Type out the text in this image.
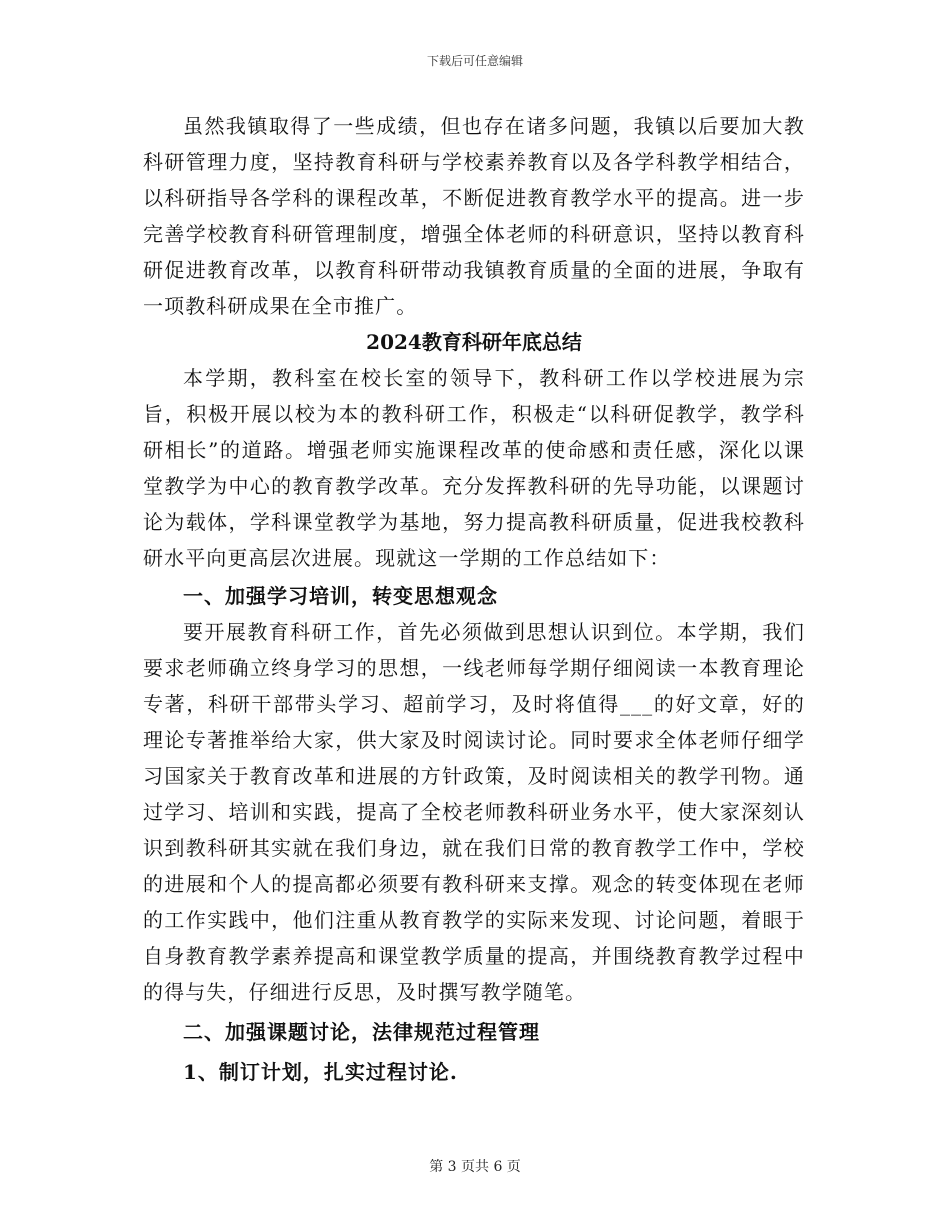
下载后可任意编辑

虽然我镇取得了一些成绩，但也存在诸多问题，我镇以后要加大教科研管理力度，坚持教育科研与学校素养教育以及各学科教学相结合，以科研指导各学科的课程改革，不断促进教育教学水平的提高。进一步完善学校教育科研管理制度，增强全体老师的科研意识，坚持以教育科研促进教育改革，以教育科研带动我镇教育质量的全面的进展，争取有一项教科研成果在全市推广。

2024教育科研年底总结

本学期，教科室在校长室的领导下，教科研工作以学校进展为宗旨，积极开展以校为本的教科研工作，积极走“以科研促教学，教学科研相长”的道路。增强老师实施课程改革的使命感和责任感，深化以课堂教学为中心的教育教学改革。充分发挥教科研的先导功能，以课题讨论为载体，学科课堂教学为基地，努力提高教科研质量，促进我校教科研水平向更高层次进展。现就这一学期的工作总结如下：

一、加强学习培训，转变思想观念

要开展教育科研工作，首先必须做到思想认识到位。本学期，我们要求老师确立终身学习的思想，一线老师每学期仔细阅读一本教育理论专著，科研干部带头学习、超前学习，及时将值得___的好文章，好的理论专著推举给大家，供大家及时阅读讨论。同时要求全体老师仔细学习国家关于教育改革和进展的方针政策，及时阅读相关的教学刊物。通过学习、培训和实践，提高了全校老师教科研业务水平，使大家深刻认识到教科研其实就在我们身边，就在我们日常的教育教学工作中，学校的进展和个人的提高都必须要有教科研来支撑。观念的转变体现在老师的工作实践中，他们注重从教育教学的实际来发现、讨论问题，着眼于自身教育教学素养提高和课堂教学质量的提高，并围绕教育教学过程中的得与失，仔细进行反思，及时撰写教学随笔。

二、加强课题讨论，法律规范过程管理

1、制订计划，扎实过程讨论.

第 3 页共 6 页
